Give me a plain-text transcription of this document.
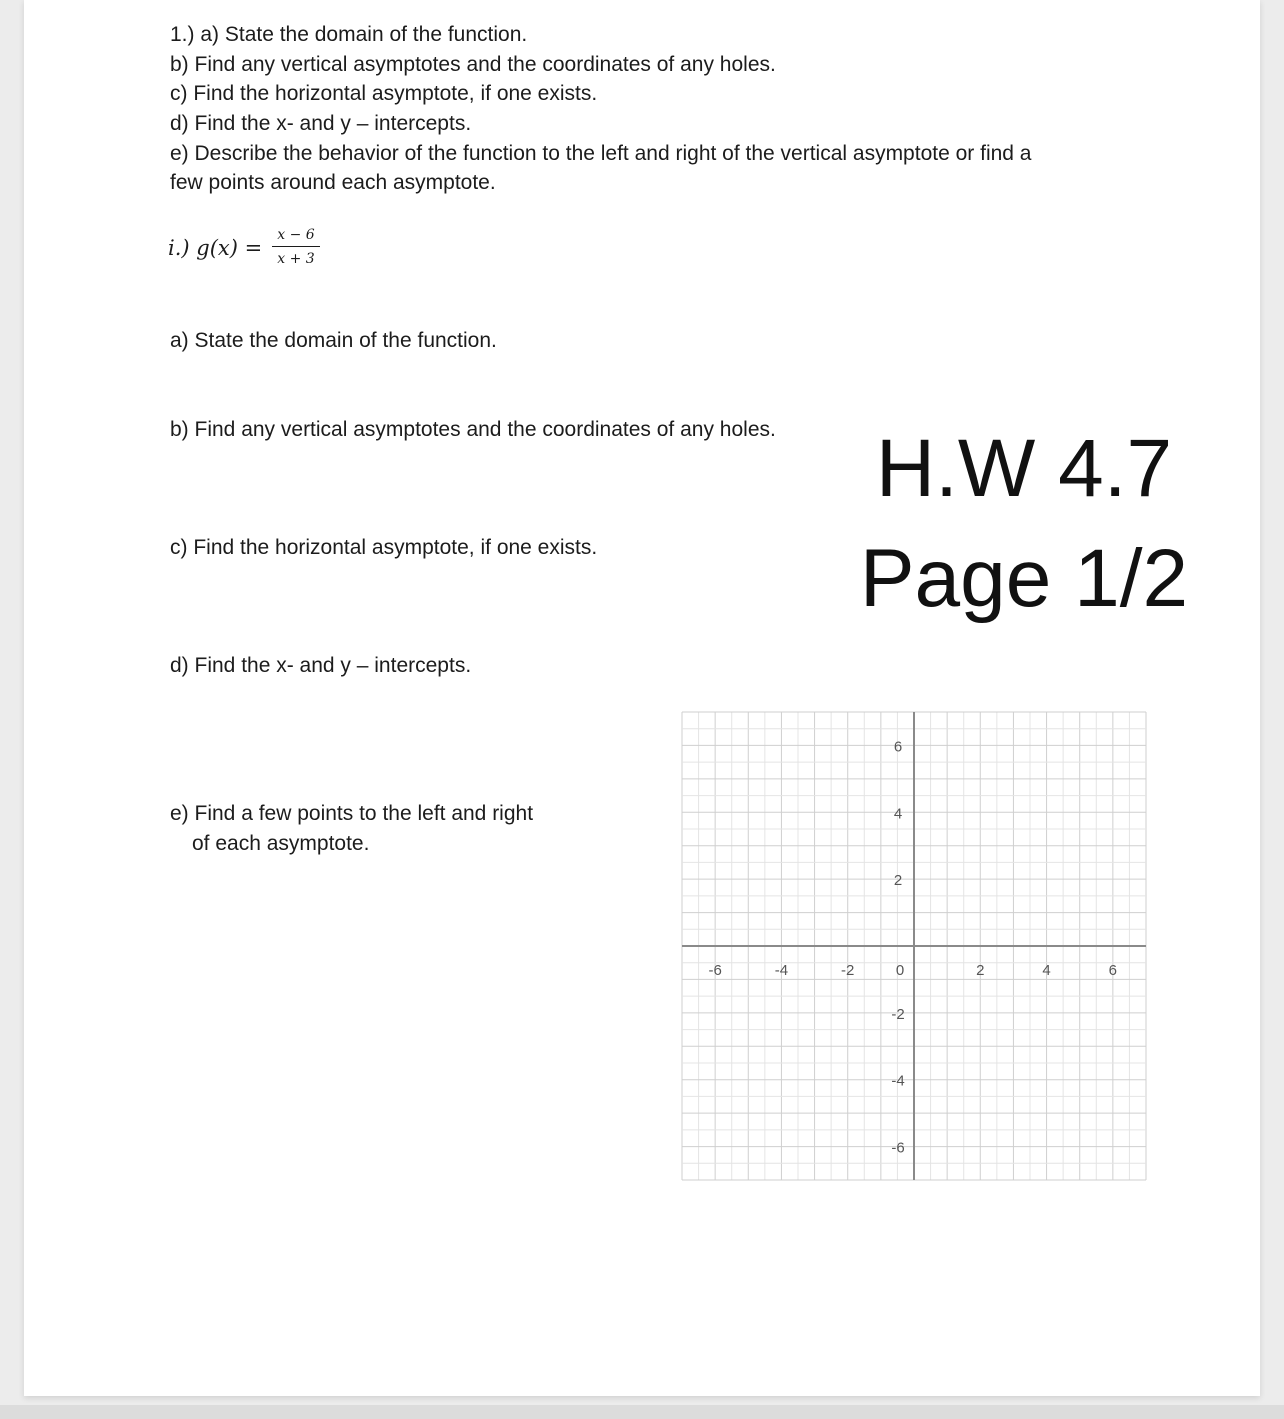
1.) a) State the domain of the function.
b) Find any vertical asymptotes and the coordinates of any holes.
c) Find the horizontal asymptote, if one exists.
d) Find the x- and y – intercepts.
e) Describe the behavior of the function to the left and right of the vertical asymptote or find a
few points around each asymptote.
i.) g(x) =
x − 6
x + 3
a) State the domain of the function.
b) Find any vertical asymptotes and the coordinates of any holes.
c) Find the horizontal asymptote, if one exists.
d) Find the x- and y – intercepts.
e) Find a few points to the left and right
of each asymptote.
H.W 4.7
Page 1/2
-6	-4	-2	0	2	4	6
6
4
2
-2
-4
-6
